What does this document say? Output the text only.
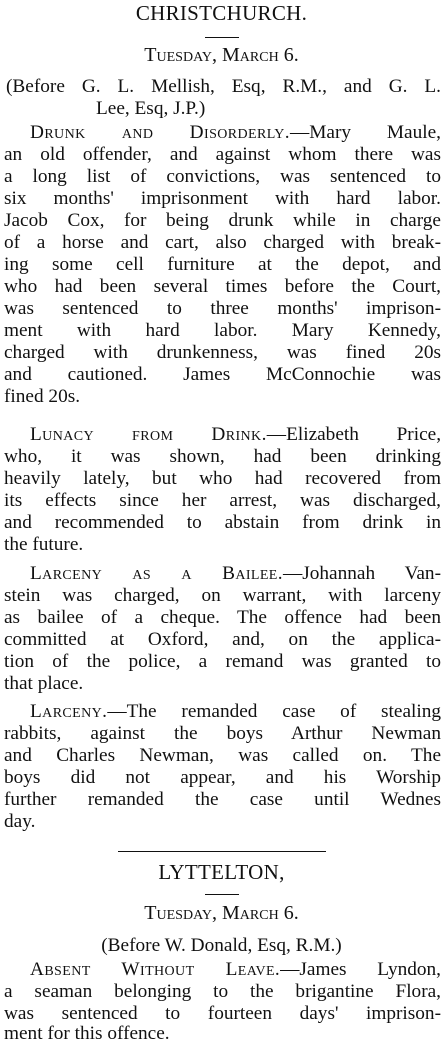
CHRISTCHURCH.
Tuesday, March 6.
(Before G. L. Mellish, Esq, R.M., and G. L.
Lee, Esq, J.P.)
Drunk and Disorderly.—Mary Maule,
an old offender, and against whom there was
a long list of convictions, was sentenced to
six months' imprisonment with hard labor.
Jacob Cox, for being drunk while in charge
of a horse and cart, also charged with break-
ing some cell furniture at the depot, and
who had been several times before the Court,
was sentenced to three months' imprison-
ment with hard labor. Mary Kennedy,
charged with drunkenness, was fined 20s
and cautioned. James McConnochie was
fined 20s.
Lunacy from Drink.—Elizabeth Price,
who, it was shown, had been drinking
heavily lately, but who had recovered from
its effects since her arrest, was discharged,
and recommended to abstain from drink in
the future.
Larceny as a Bailee.—Johannah Van-
stein was charged, on warrant, with larceny
as bailee of a cheque. The offence had been
committed at Oxford, and, on the applica-
tion of the police, a remand was granted to
that place.
Larceny.—The remanded case of stealing
rabbits, against the boys Arthur Newman
and Charles Newman, was called on. The
boys did not appear, and his Worship
further remanded the case until Wednes
day.
LYTTELTON,
Tuesday, March 6.
(Before W. Donald, Esq, R.M.)
Absent Without Leave.—James Lyndon,
a seaman belonging to the brigantine Flora,
was sentenced to fourteen days' imprison-
ment for this offence.
